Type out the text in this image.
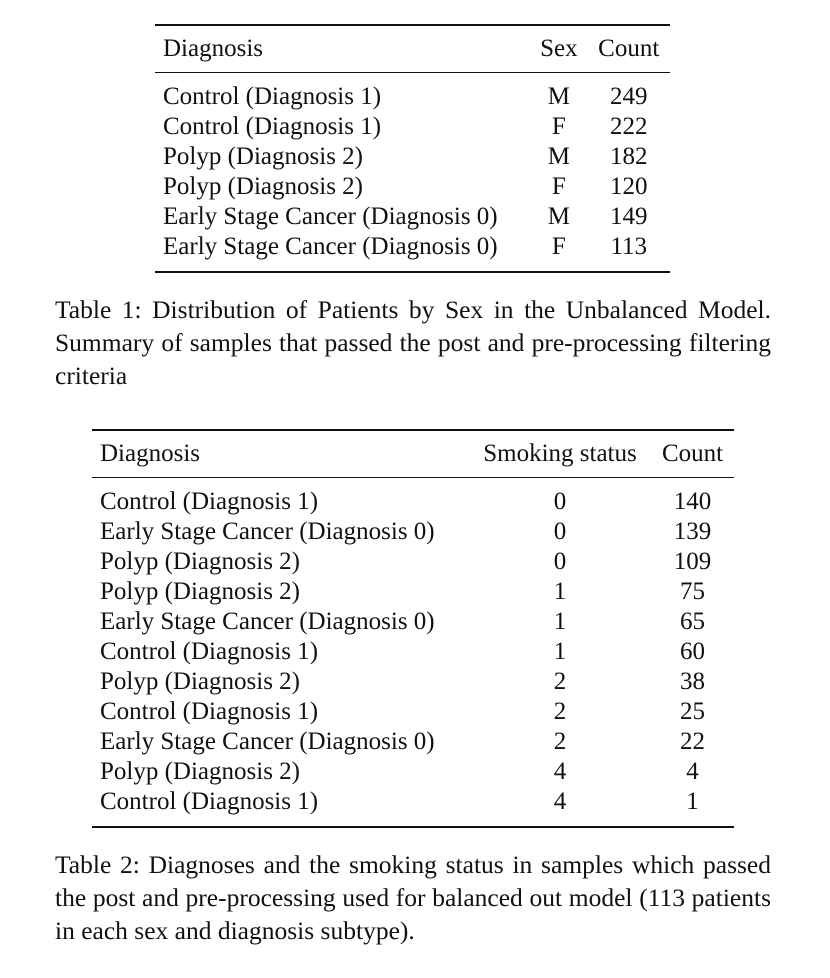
Diagnosis	Sex	Count
Control (Diagnosis 1)	M	249
Control (Diagnosis 1)	F	222
Polyp (Diagnosis 2)	M	182
Polyp (Diagnosis 2)	F	120
Early Stage Cancer (Diagnosis 0)	M	149
Early Stage Cancer (Diagnosis 0)	F	113

Table 1: Distribution of Patients by Sex in the Unbalanced Model. Summary of samples that passed the post and pre-processing filtering criteria

Diagnosis	Smoking status	Count
Control (Diagnosis 1)	0	140
Early Stage Cancer (Diagnosis 0)	0	139
Polyp (Diagnosis 2)	0	109
Polyp (Diagnosis 2)	1	75
Early Stage Cancer (Diagnosis 0)	1	65
Control (Diagnosis 1)	1	60
Polyp (Diagnosis 2)	2	38
Control (Diagnosis 1)	2	25
Early Stage Cancer (Diagnosis 0)	2	22
Polyp (Diagnosis 2)	4	4
Control (Diagnosis 1)	4	1

Table 2: Diagnoses and the smoking status in samples which passed the post and pre-processing used for balanced out model (113 patients in each sex and diagnosis subtype).
